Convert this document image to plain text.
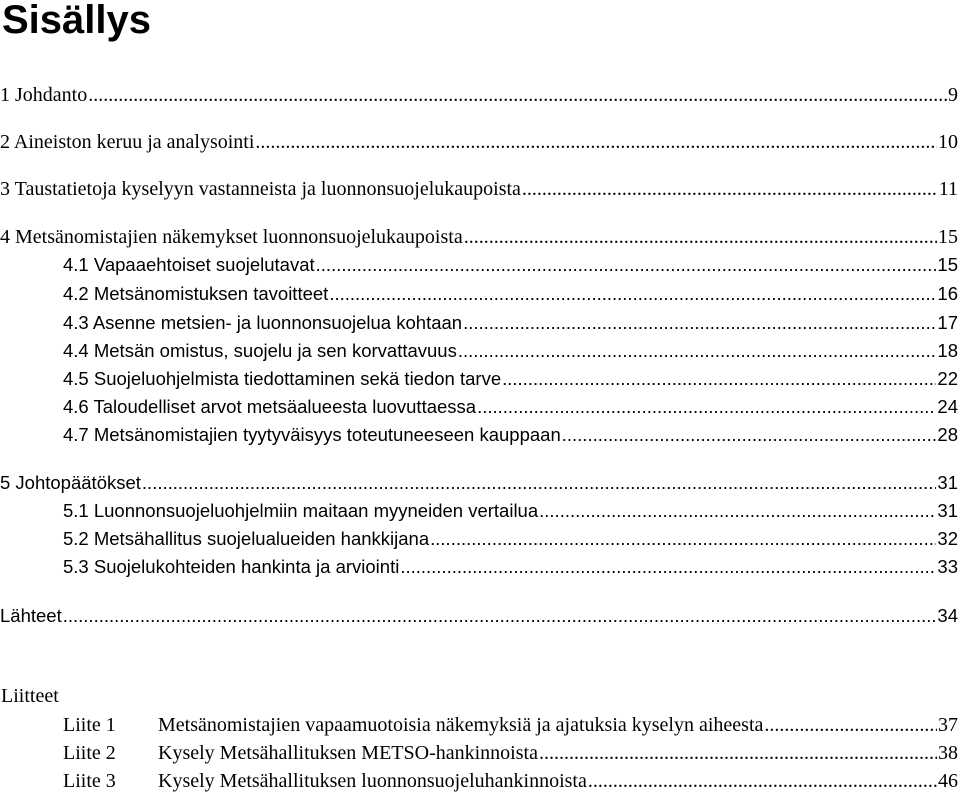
Sisällys
1 Johdanto .....	9
2 Aineiston keruu ja analysointi .....	10
3 Taustatietoja kyselyyn vastanneista ja luonnonsuojelukaupoista .....	11
4 Metsänomistajien näkemykset luonnonsuojelukaupoista .....	15
4.1 Vapaaehtoiset suojelutavat .....	15
4.2 Metsänomistuksen tavoitteet .....	16
4.3 Asenne metsien- ja luonnonsuojelua kohtaan .....	17
4.4 Metsän omistus, suojelu ja sen korvattavuus .....	18
4.5 Suojeluohjelmista tiedottaminen sekä tiedon tarve .....	22
4.6 Taloudelliset arvot metsäalueesta luovuttaessa .....	24
4.7 Metsänomistajien tyytyväisyys toteutuneeseen kauppaan .....	28
5 Johtopäätökset .....	31
5.1 Luonnonsuojeluohjelmiin maitaan myyneiden vertailua .....	31
5.2 Metsähallitus suojelualueiden hankkijana .....	32
5.3 Suojelukohteiden hankinta ja arviointi .....	33
Lähteet .....	34
Liitteet
Liite 1	Metsänomistajien vapaamuotoisia näkemyksiä ja ajatuksia kyselyn aiheesta .....	37
Liite 2	Kysely Metsähallituksen METSO-hankinnoista .....	38
Liite 3	Kysely Metsähallituksen luonnonsuojeluhankinnoista .....	46
